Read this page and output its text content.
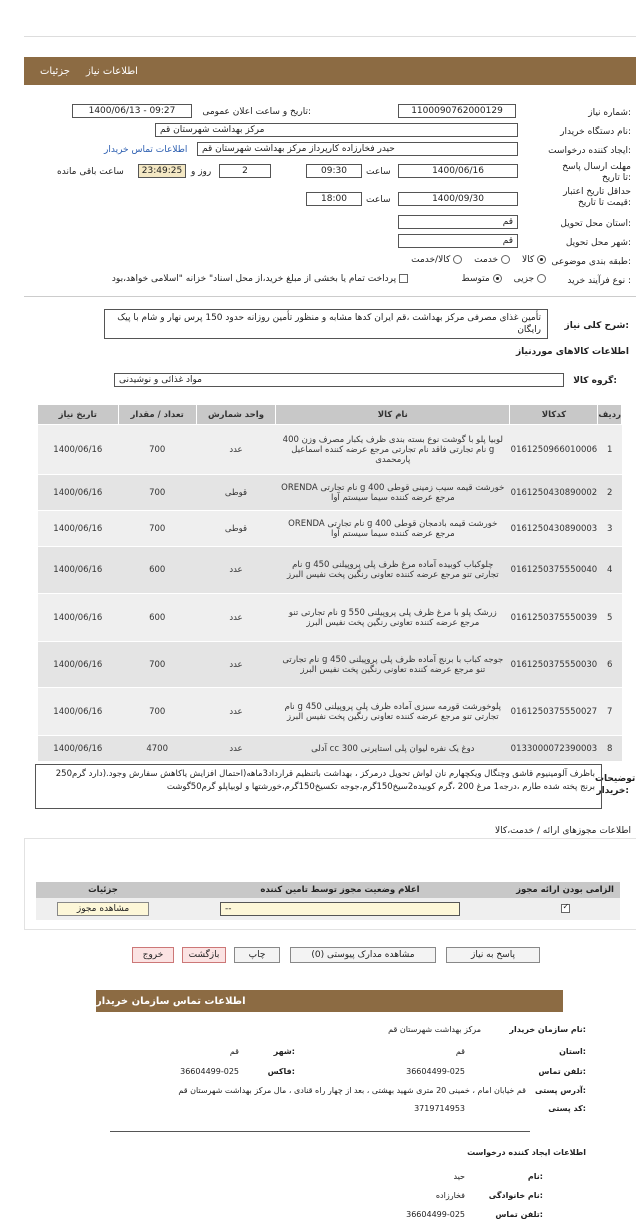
اطلاعات نیاز
جزئیات
شماره نیاز:
1100090762000129
تاریخ و ساعت اعلان عمومی:
1400/06/13 - 09:27
نام دستگاه خریدار:
مرکز بهداشت شهرستان قم
ایجاد کننده درخواست:
حیدر فخارزاده کارپرداز مرکز بهداشت شهرستان قم
اطلاعات تماس خریدار
مهلت ارسال پاسخ تا تاریخ:
1400/06/16
ساعت
09:30
2
روز و
23:49:25
ساعت باقی مانده
حداقل تاریخ اعتبار قیمت تا تاریخ:
1400/09/30
ساعت
18:00
استان محل تحویل:
قم
شهر محل تحویل:
قم
طبقه بندی موضوعی:
کالا
خدمت
کالا/خدمت
نوع فرآیند خرید :
جزیی
متوسط
پرداخت تمام یا بخشی از مبلغ خرید،از محل اسناد" خزانه "اسلامی خواهد،بود
شرح کلی نیاز:
تأمین غذای مصرفی مرکز بهداشت ،قم ایران کدها مشابه و منظور تأمین روزانه حدود 150 پرس نهار و شام با پیک رایگان
اطلاعات کالاهای موردنیاز
گروه کالا:
مواد غذائی و نوشیدنی
ردیف	کدکالا	نام کالا	واحد شمارش	تعداد / مقدار	تاریخ نیاز
1	0161250966010006	لوبیا پلو با گوشت نوع بسته بندی ظرف یکبار مصرف وزن 400 g نام تجارتی فاقد نام تجارتی مرجع عرضه کننده اسماعیل پارمحمدی	عدد	700	1400/06/16
2	0161250430890002	خورشت قیمه سیب زمینی قوطی 400 g نام تجارتی ORENDA مرجع عرضه کننده سیما سیستم آوا	قوطی	700	1400/06/16
3	0161250430890003	خورشت قیمه بادمجان قوطی 400 g نام تجارتی ORENDA مرجع عرضه کننده سیما سیستم آوا	قوطی	700	1400/06/16
4	0161250375550040	چلوکباب کوبیده آماده مرغ ظرف پلی پروپیلنی g 450 نام تجارتی تنو مرجع عرضه کننده تعاونی رنگین پخت نفیس البرز	عدد	600	1400/06/16
5	0161250375550039	زرشک پلو با مرغ ظرف پلی پروپیلنی g 550 نام تجارتی تنو مرجع عرضه کننده تعاونی رنگین پخت نفیس البرز	عدد	600	1400/06/16
6	0161250375550030	جوجه کباب با برنج آماده ظرف پلی پروپیلنی g 450 نام تجارتی تنو مرجع عرضه کننده تعاونی رنگین پخت نفیس البرز	عدد	700	1400/06/16
7	0161250375550027	پلوخورشت قورمه سبزی آماده ظرف پلی پروپیلنی g 450 نام تجارتی تنو مرجع عرضه کننده تعاونی رنگین پخت نفیس البرز	عدد	700	1400/06/16
8	0133000072390003	دوغ یک نفره لیوان پلی استایرنی 300 cc آدلی	عدد	4700	1400/06/16
توضیحات خریدار:
باظرف آلومینیوم قاشق وچنگال ویکچهارم نان لواش تحویل درمرکز ، بهداشت باتنظیم قرارداد3ماهه(احتمال افزایش یاکاهش سفارش وجود.(دارد گرم250 برنج پخته شده طارم ،درجه1 مرغ 200 ،گرم کوبیده2سیخ150گرم،جوجه تکسیخ150گرم،خورشتها و لوبیاپلو گرم50گوشت
اطلاعات مجوزهای ارائه / خدمت،کالا
الزامی بودن ارائه مجوز	اعلام وضعیت مجوز توسط تامین کننده	جزئیات

✓	--	مشاهده مجوز
پاسخ به نیاز
مشاهده مدارک پیوستی (0)
چاپ
بازگشت
خروج
اطلاعات تماس سازمان خریدار
نام سازمان خریدار:
مرکز بهداشت شهرستان قم
استان:
قم
شهر:
قم
تلفن تماس:
36604499-025
فاکس:
36604499-025
آدرس پستی:
قم خیابان امام ، خمینی 20 متری شهید بهشتی ، بعد از چهار راه قنادی ، مال مرکز بهداشت شهرستان قم
کد پستی:
3719714953
اطلاعات ایجاد کننده درخواست
نام:
حید
نام خانوادگی:
فخارزاده
تلفن تماس:
36604499-025
